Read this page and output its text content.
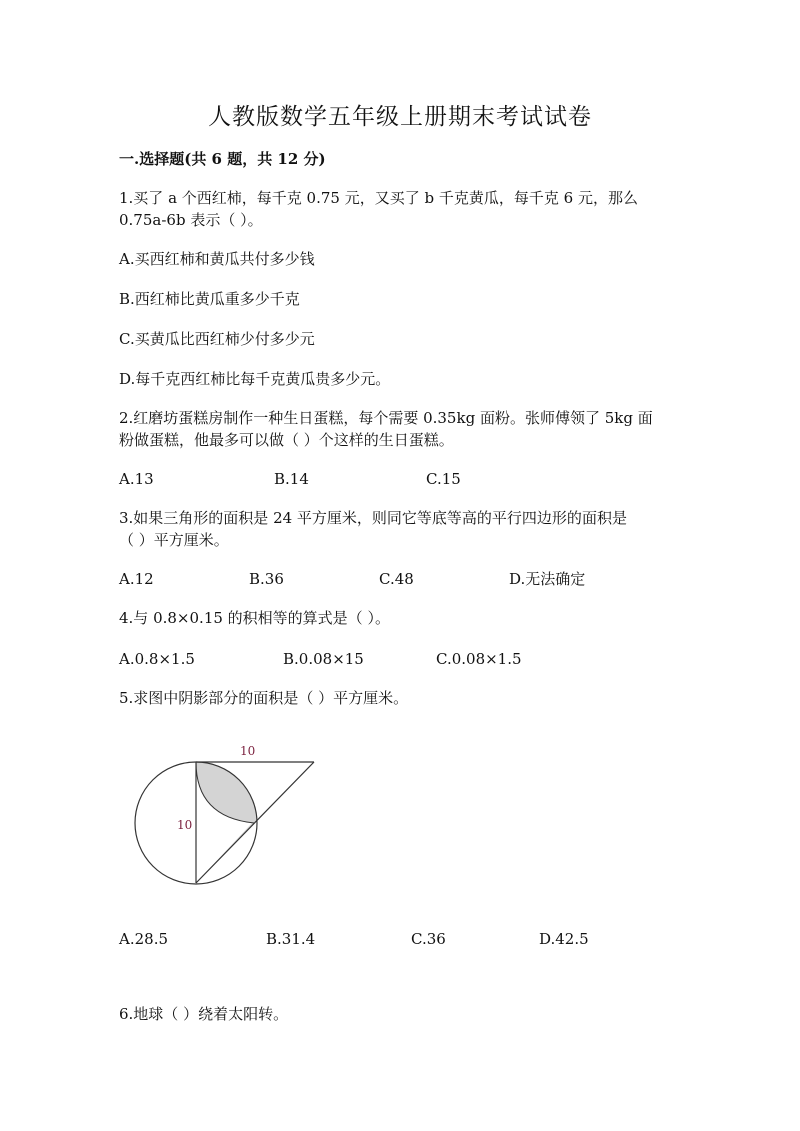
人教版数学五年级上册期末考试试卷
一.选择题(共 6 题，共 12 分)
1.买了 a 个西红柿，每千克 0.75 元，又买了 b 千克黄瓜，每千克 6 元，那么
0.75a-6b 表示（ ）。
A.买西红柿和黄瓜共付多少钱
B.西红柿比黄瓜重多少千克
C.买黄瓜比西红柿少付多少元
D.每千克西红柿比每千克黄瓜贵多少元。
2.红磨坊蛋糕房制作一种生日蛋糕，每个需要 0.35kg 面粉。张师傅领了 5kg 面
粉做蛋糕，他最多可以做（ ）个这样的生日蛋糕。
A.13	B.14	C.15
3.如果三角形的面积是 24 平方厘米，则同它等底等高的平行四边形的面积是
（ ）平方厘米。
A.12	B.36	C.48	D.无法确定
4.与 0.8×0.15 的积相等的算式是（ ）。
A.0.8×1.5	B.0.08×15	C.0.08×1.5
5.求图中阴影部分的面积是（ ）平方厘米。
10
10
A.28.5	B.31.4	C.36	D.42.5
6.地球（ ）绕着太阳转。
